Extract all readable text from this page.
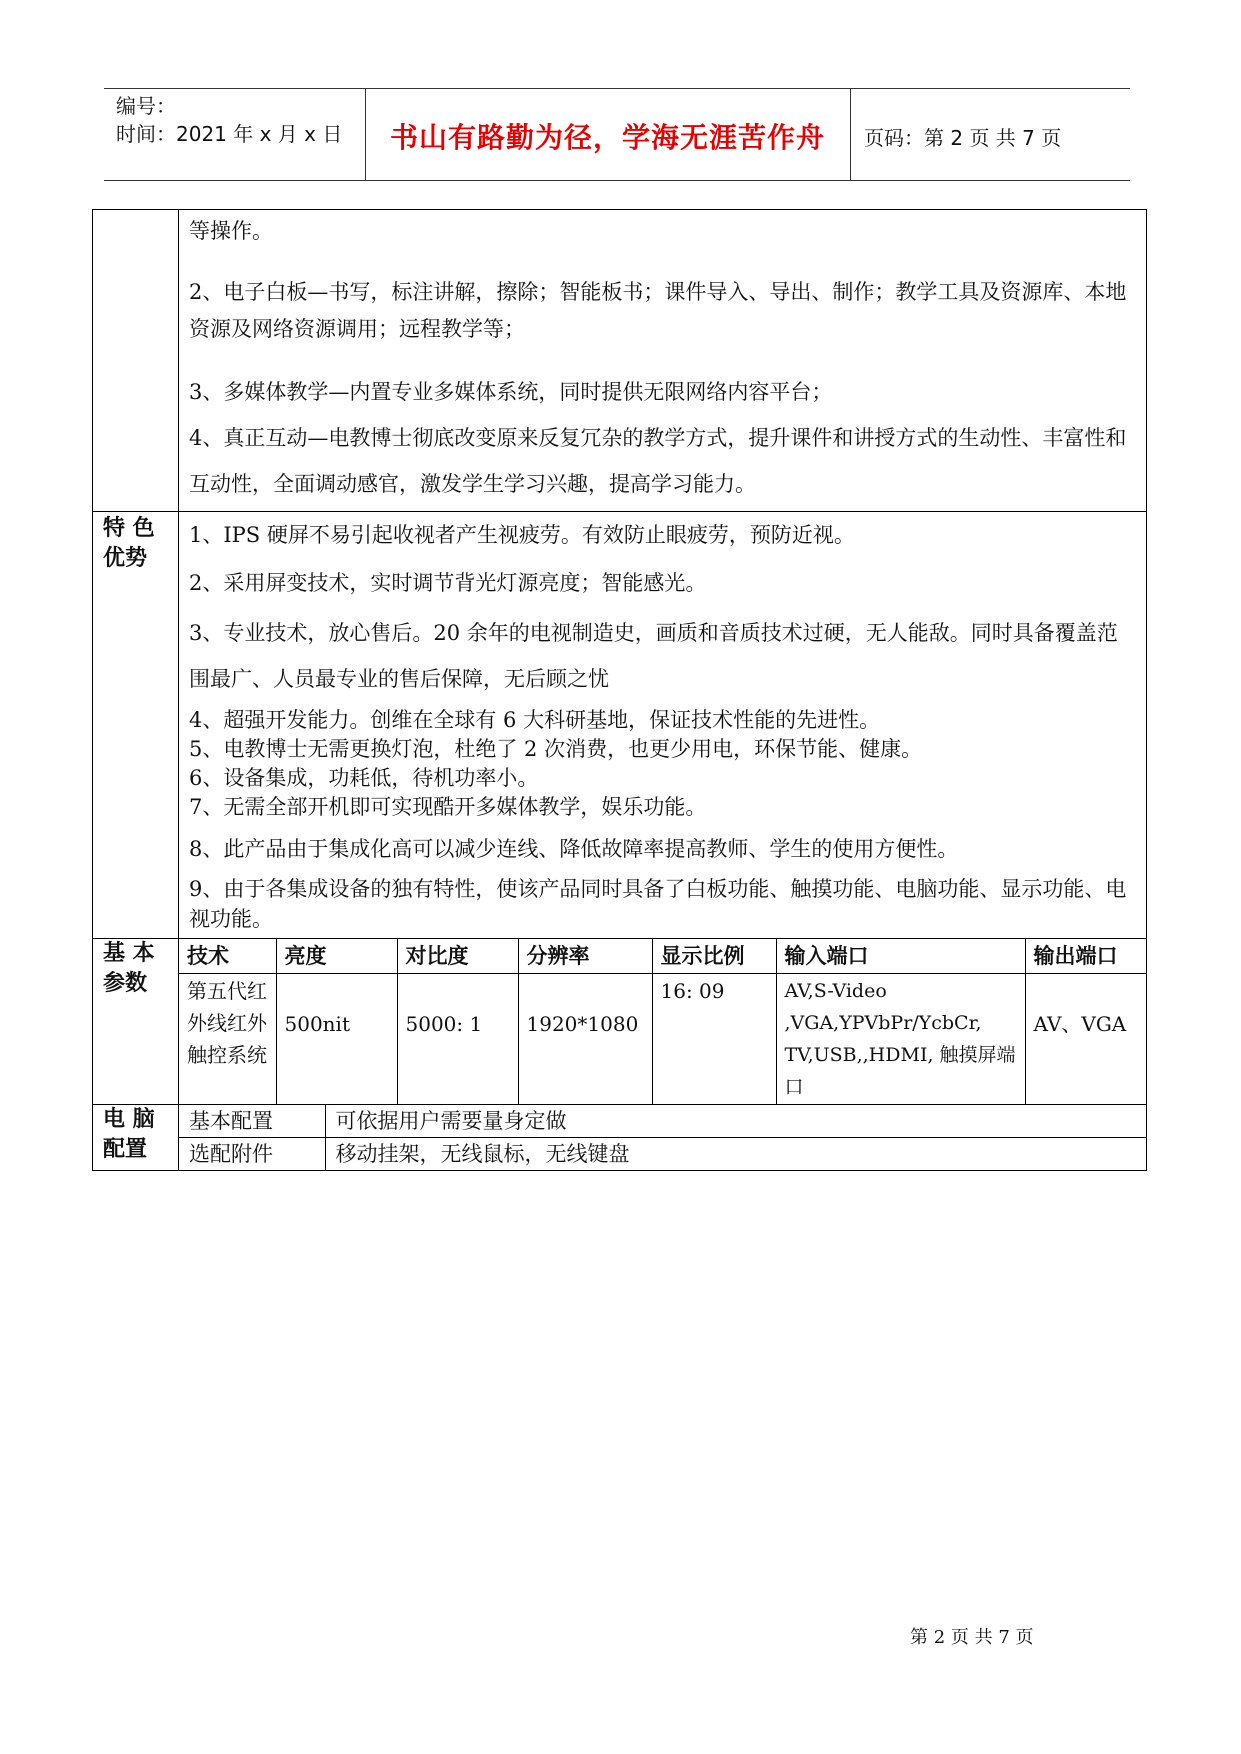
编号：
时间：2021 年 x 月 x 日	书山有路勤为径，学海无涯苦作舟	页码：第 2 页 共 7 页

等操作。
2、电子白板—书写，标注讲解，擦除；智能板书；课件导入、导出、制作；教学工具及资源库、本地资源及网络资源调用；远程教学等；
3、多媒体教学—内置专业多媒体系统，同时提供无限网络内容平台；
4、真正互动—电教博士彻底改变原来反复冗杂的教学方式，提升课件和讲授方式的生动性、丰富性和互动性，全面调动感官，激发学生学习兴趣，提高学习能力。

特 色
优势

1、IPS 硬屏不易引起收视者产生视疲劳。有效防止眼疲劳，预防近视。
2、采用屏变技术，实时调节背光灯源亮度；智能感光。
3、专业技术，放心售后。20 余年的电视制造史，画质和音质技术过硬，无人能敌。同时具备覆盖范围最广、人员最专业的售后保障，无后顾之忧
4、超强开发能力。创维在全球有 6 大科研基地，保证技术性能的先进性。
5、电教博士无需更换灯泡，杜绝了 2 次消费，也更少用电，环保节能、健康。
6、设备集成，功耗低，待机功率小。
7、无需全部开机即可实现酷开多媒体教学，娱乐功能。
8、此产品由于集成化高可以减少连线、降低故障率提高教师、学生的使用方便性。
9、由于各集成设备的独有特性，使该产品同时具备了白板功能、触摸功能、电脑功能、显示功能、电视功能。

基 本
参数

技术	亮度	对比度	分辨率	显示比例	输入端口	输出端口
第五代红外线红外触控系统	500nit	5000: 1	1920*1080	16: 09	AV,S-Video ,VGA,YPVbPr/YcbCr, TV,USB,,HDMI, 触摸屏端口	AV、VGA

电 脑
配置

基本配置	可依据用户需要量身定做
选配附件	移动挂架，无线鼠标，无线键盘
第 2 页 共 7 页
